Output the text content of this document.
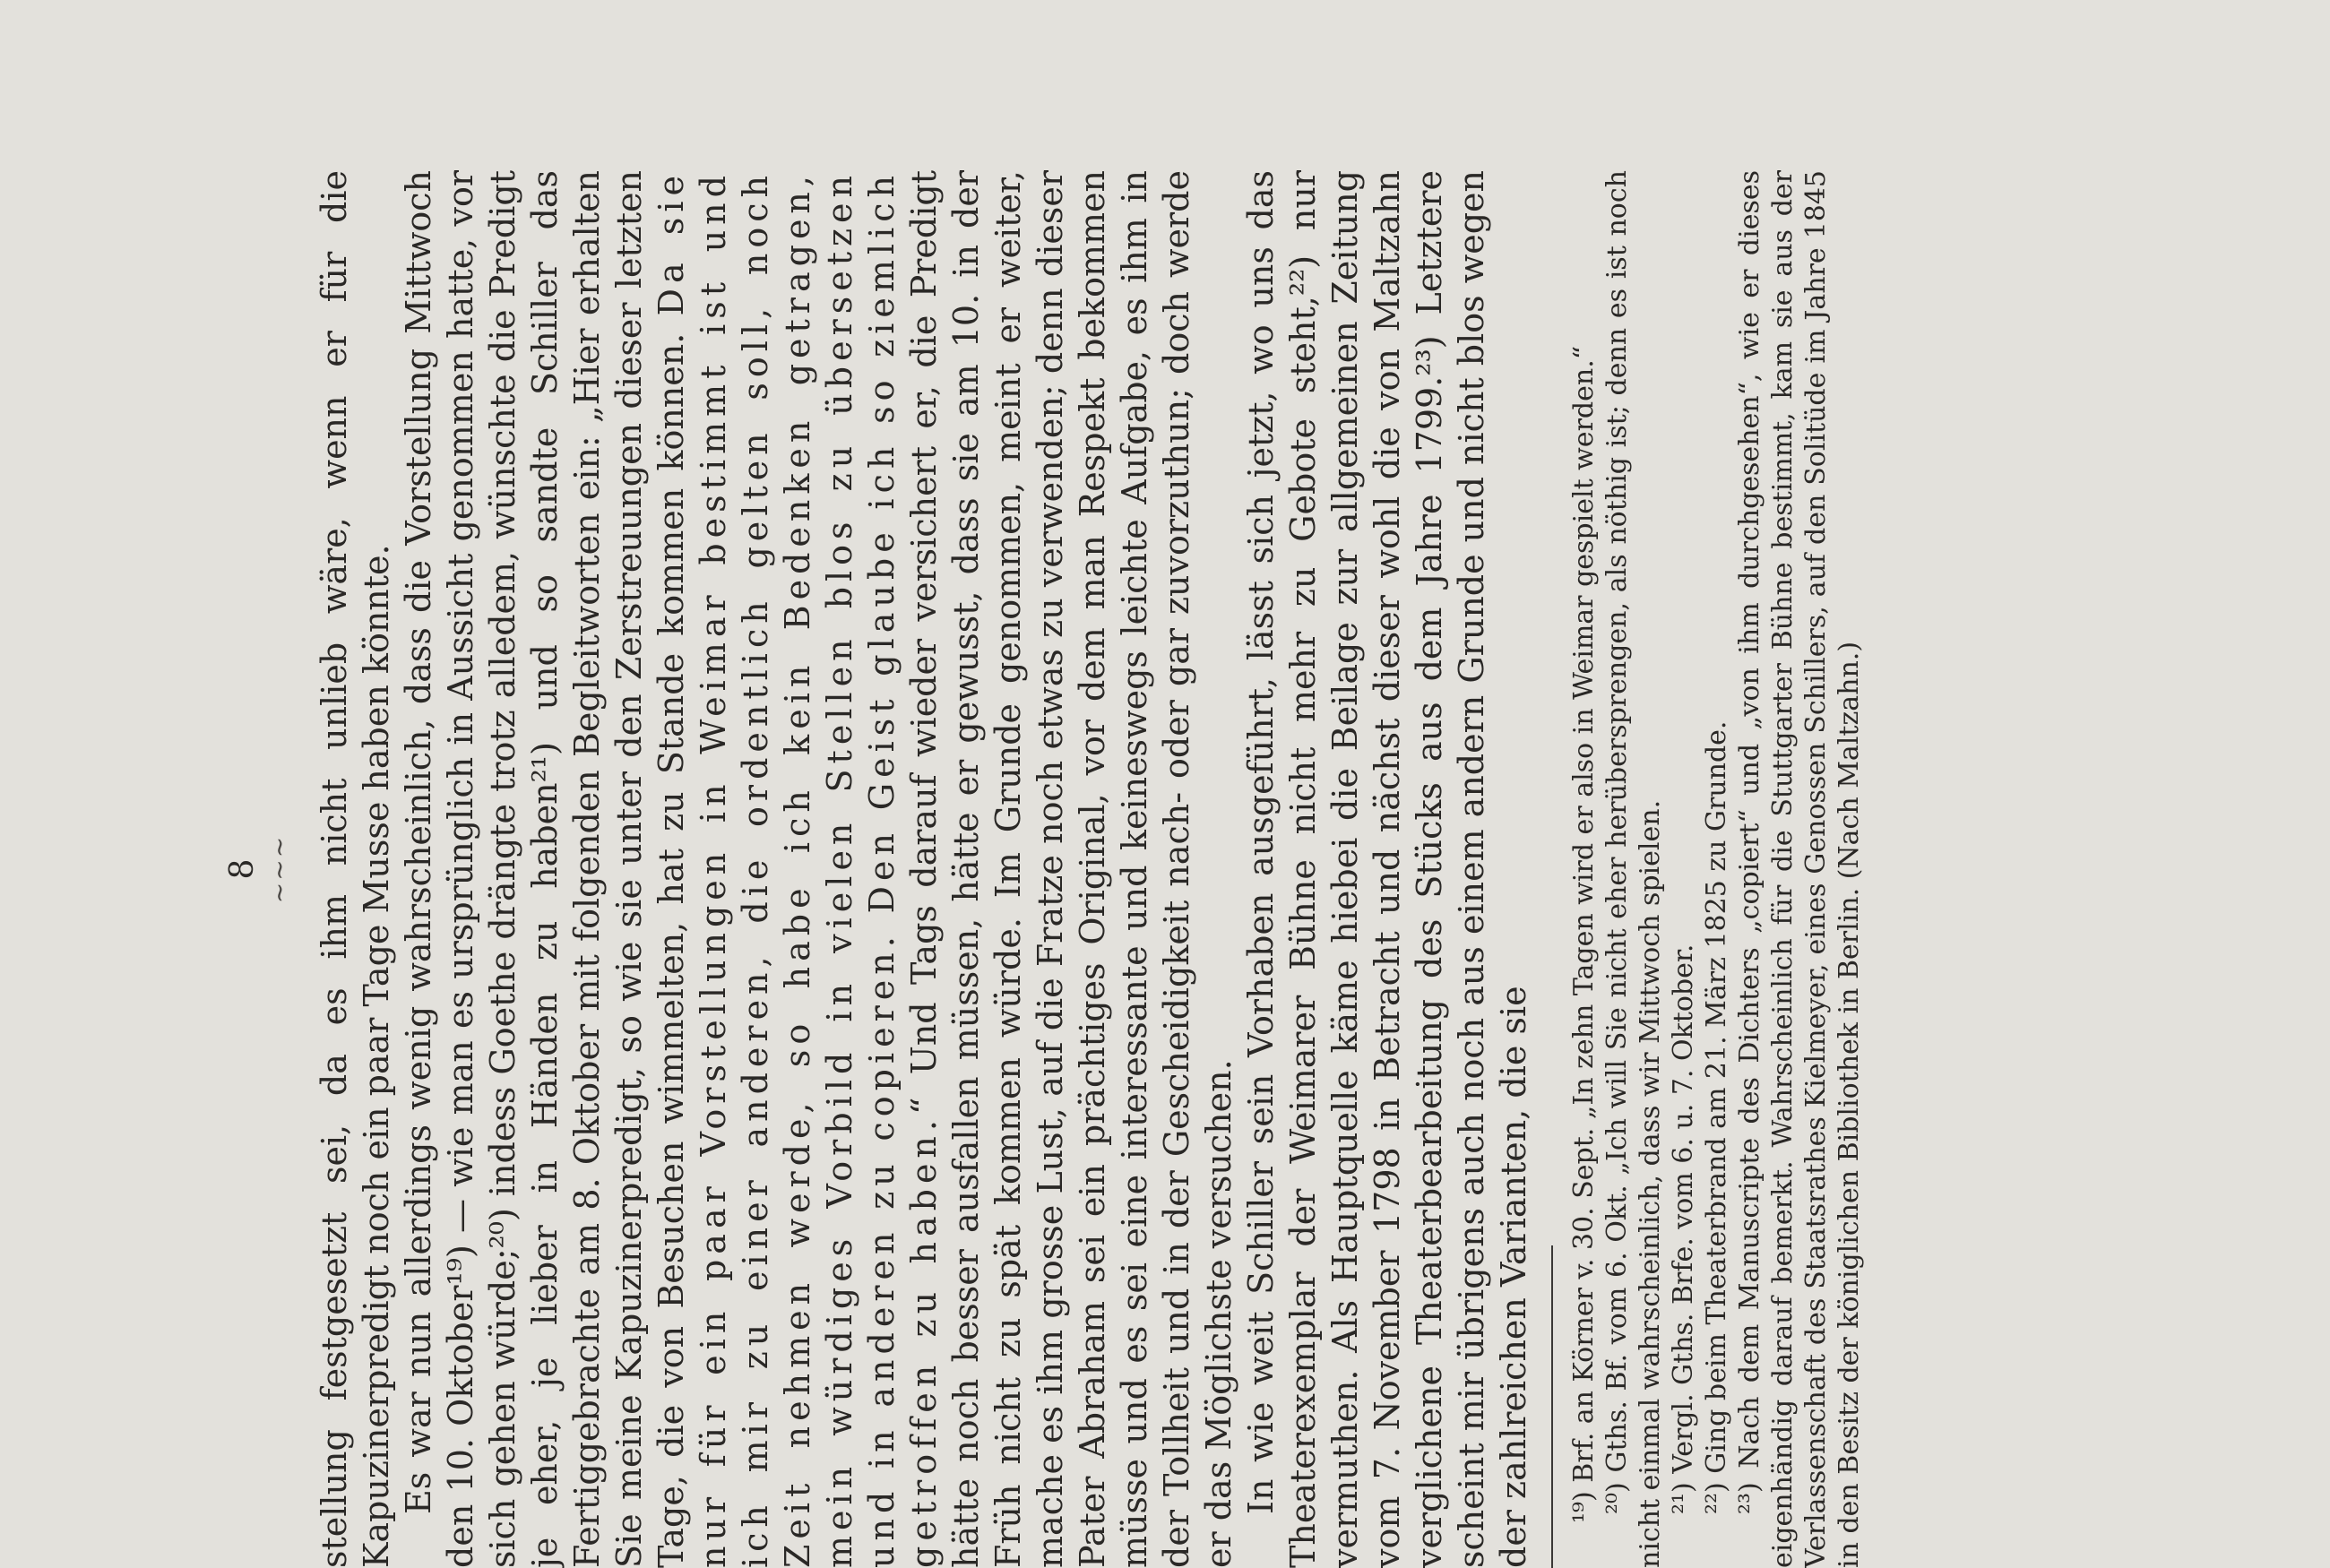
8 ~~~ stellung festgesetzt sei, da es ihm nicht unlieb wäre, wenn er für die Kapuzinerpredigt noch ein paar Tage Musse haben könnte. Es war nun allerdings wenig wahrscheinlich, dass die Vorstellung Mittwoch den 10. Oktober¹⁹) — wie man es ursprünglich in Aussicht genommen hatte, vor sich gehen würde;²⁰) indess Goethe drängte trotz alledem, wünschte die Predigt je eher, je lieber in Händen zu haben²¹) und so sandte Schiller das Fertiggebrachte am 8. Oktober mit folgenden Begleitworten ein: „Hier erhalten Sie meine Kapuzinerpredigt, so wie sie unter den Zerstreuungen dieser letzten Tage, die von Besuchen wimmelten, hat zu Stande kommen können. Da sie nur für ein paar Vorstellungen in Weimar bestimmt ist und ich mir zu einer anderen, die ordentlich gelten soll, noch Zeit nehmen werde, so habe ich kein Bedenken getragen, mein würdiges Vorbild in vielen Stellen blos zu übersetzen und in anderen zu copieren. Den Geist glaube ich so ziemlich getroffen zu haben.“ Und Tags darauf wieder versichert er, die Predigt hätte noch besser ausfallen müssen, hätte er gewusst, dass sie am 10. in der Früh nicht zu spät kommen würde. Im Grunde genommen, meint er weiter, mache es ihm grosse Lust, auf die Fratze noch etwas zu verwenden; denn dieser Pater Abraham sei ein prächtiges Original, vor dem man Respekt bekommen müsse und es sei eine interessante und keineswegs leichte Aufgabe, es ihm in der Tollheit und in der Gescheidigkeit nach- oder gar zuvorzuthun; doch werde er das Möglichste versuchen. In wie weit Schiller sein Vorhaben ausgeführt, lässt sich jetzt, wo uns das Theaterexemplar der Weimarer Bühne nicht mehr zu Gebote steht,²²) nur vermuthen. Als Hauptquelle käme hiebei die Beilage zur allgemeinen Zeitung vom 7. November 1798 in Betracht und nächst dieser wohl die von Maltzahn verglichene Theaterbearbeitung des Stücks aus dem Jahre 1799.²³) Letztere scheint mir übrigens auch noch aus einem andern Grunde und nicht blos wegen der zahlreichen Varianten, die sie ¹⁹) Brf. an Körner v. 30. Sept. „In zehn Tagen wird er also in Weimar gespielt werden.“ ²⁰) Gths. Bf. vom 6. Okt. „Ich will Sie nicht eher herübersprengen, als nöthig ist; denn es ist noch nicht einmal wahrscheinlich, dass wir Mittwoch spielen. ²¹) Vergl. Gths. Brfe. vom 6. u. 7. Oktober. ²²) Ging beim Theaterbrand am 21. März 1825 zu Grunde. ²³) Nach dem Manuscripte des Dichters „copiert“ und „von ihm durchgesehen“, wie er dieses eigenhändig darauf bemerkt. Wahrscheinlich für die Stuttgarter Bühne bestimmt, kam sie aus der Verlassenschaft des Staatsrathes Kielmeyer, eines Genossen Schillers, auf den Solitüde im Jahre 1845 in den Besitz der königlichen Bibliothek in Berlin. (Nach Maltzahn.)
